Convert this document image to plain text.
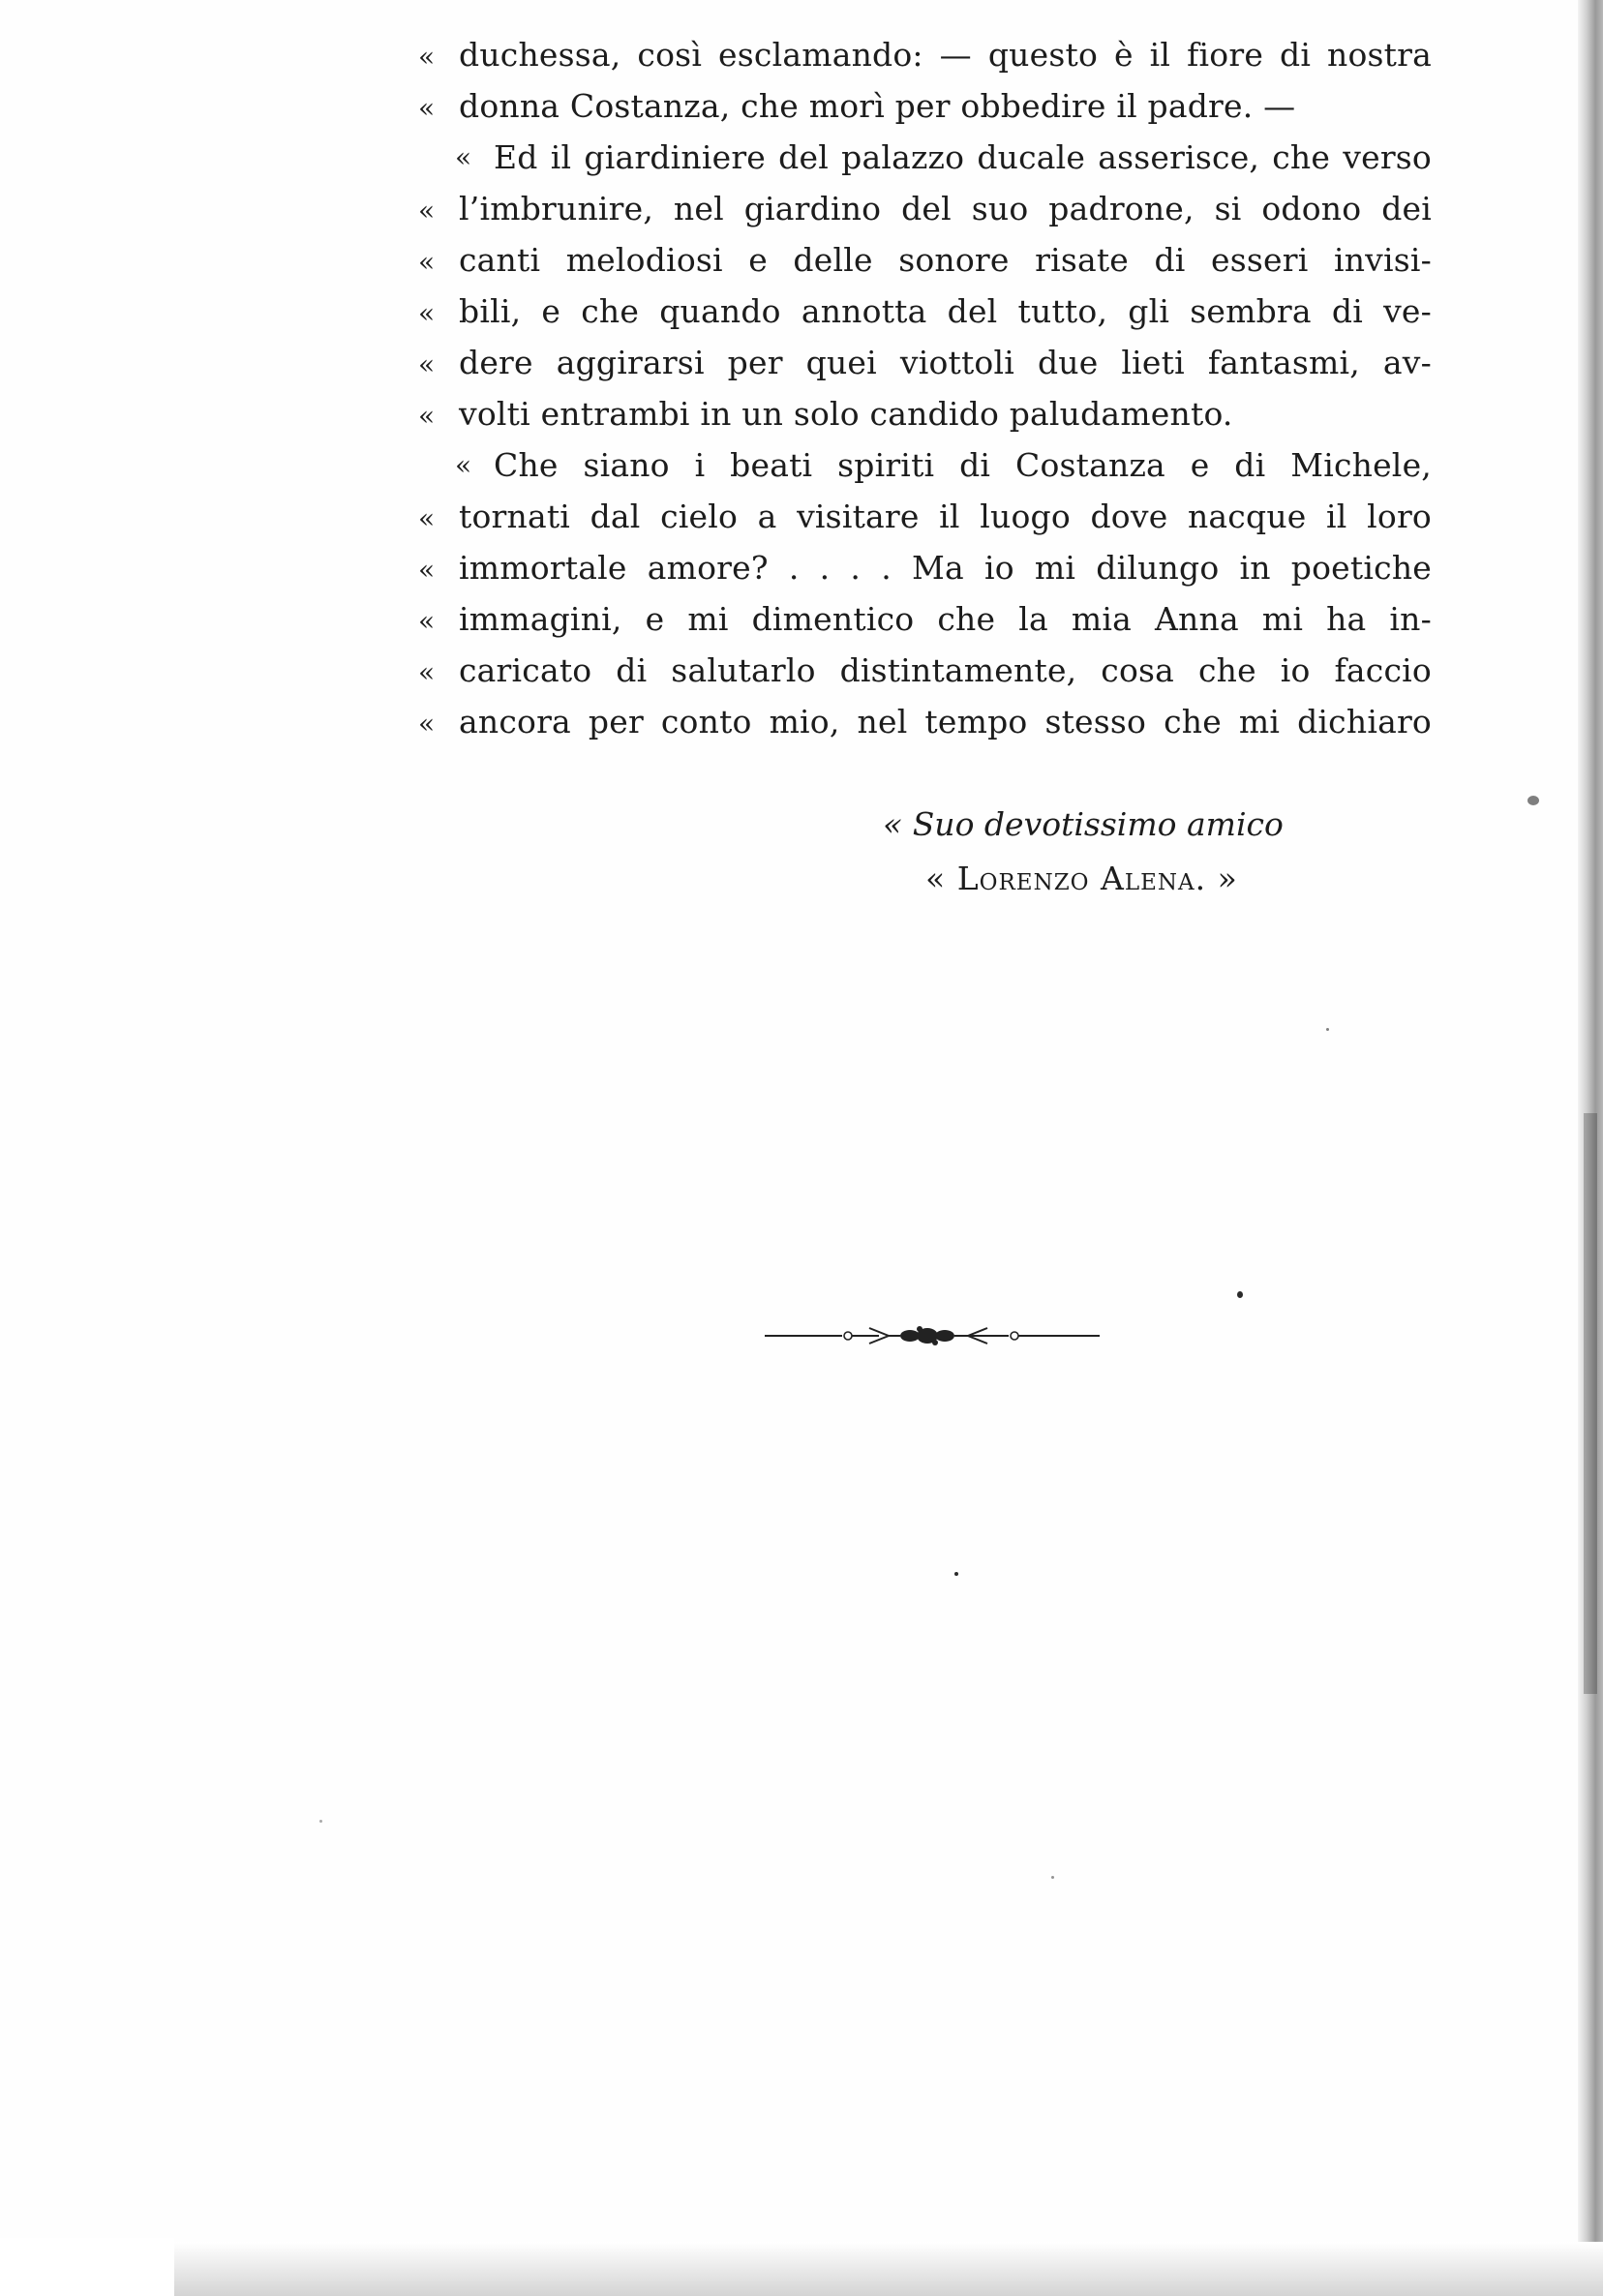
« duchessa, così esclamando: — questo è il fiore di nostra
« donna Costanza, che morì per obbedire il padre. —
« Ed il giardiniere del palazzo ducale asserisce, che verso
« l’imbrunire, nel giardino del suo padrone, si odono dei
« canti melodiosi e delle sonore risate di esseri invisi-
« bili, e che quando annotta del tutto, gli sembra di ve-
« dere aggirarsi per quei viottoli due lieti fantasmi, av-
« volti entrambi in un solo candido paludamento.
« Che siano i beati spiriti di Costanza e di Michele,
« tornati dal cielo a visitare il luogo dove nacque il loro
« immortale amore? . . . . Ma io mi dilungo in poetiche
« immagini, e mi dimentico che la mia Anna mi ha in-
« caricato di salutarlo distintamente, cosa che io faccio
« ancora per conto mio, nel tempo stesso che mi dichiaro
« Suo devotissimo amico
« Lorenzo Alena. »
